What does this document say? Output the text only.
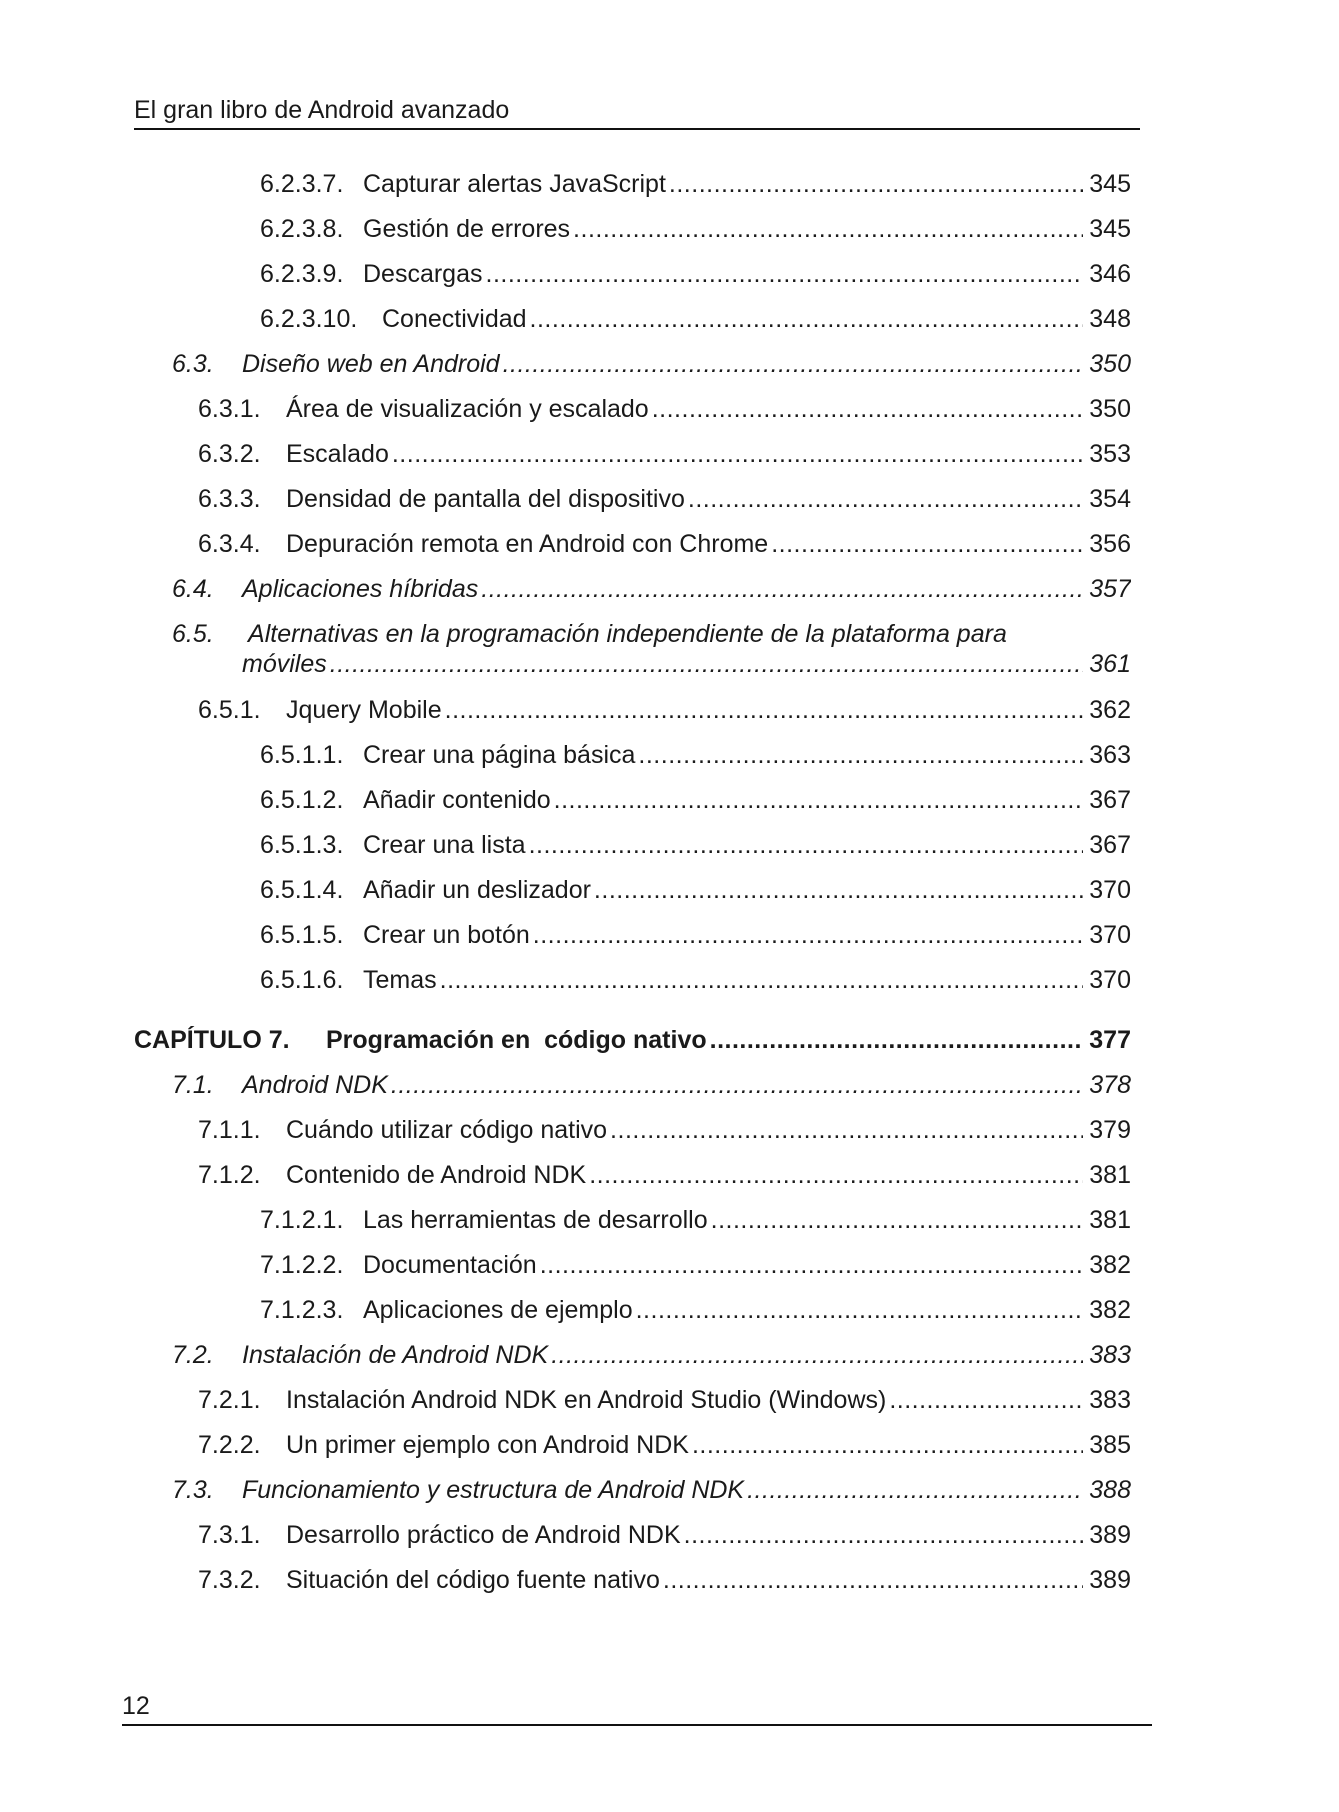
El gran libro de Android avanzado
6.2.3.7. Capturar alertas JavaScript .....	345
6.2.3.8. Gestión de errores .....	345
6.2.3.9. Descargas .....	346
6.2.3.10. Conectividad .....	348
6.3.	Diseño web en Android .....	350
6.3.1.	Área de visualización y escalado .....	350
6.3.2.	Escalado .....	353
6.3.3.	Densidad de pantalla del dispositivo .....	354
6.3.4.	Depuración remota en Android con Chrome .....	356
6.4.	Aplicaciones híbridas .....	357
6.5. Alternativas en la programación independiente de la plataforma para
móviles .....	361
6.5.1.	Jquery Mobile .....	362
6.5.1.1. Crear una página básica .....	363
6.5.1.2. Añadir contenido .....	367
6.5.1.3. Crear una lista .....	367
6.5.1.4. Añadir un deslizador .....	370
6.5.1.5. Crear un botón .....	370
6.5.1.6. Temas .....	370
CAPÍTULO 7.	Programación en  código nativo .....	377
7.1.	Android NDK .....	378
7.1.1.	Cuándo utilizar código nativo .....	379
7.1.2.	Contenido de Android NDK .....	381
7.1.2.1. Las herramientas de desarrollo .....	381
7.1.2.2. Documentación .....	382
7.1.2.3. Aplicaciones de ejemplo .....	382
7.2.	Instalación de Android NDK .....	383
7.2.1.	Instalación Android NDK en Android Studio (Windows) .....	383
7.2.2.	Un primer ejemplo con Android NDK .....	385
7.3.	Funcionamiento y estructura de Android NDK .....	388
7.3.1.	Desarrollo práctico de Android NDK .....	389
7.3.2.	Situación del código fuente nativo .....	389
12
